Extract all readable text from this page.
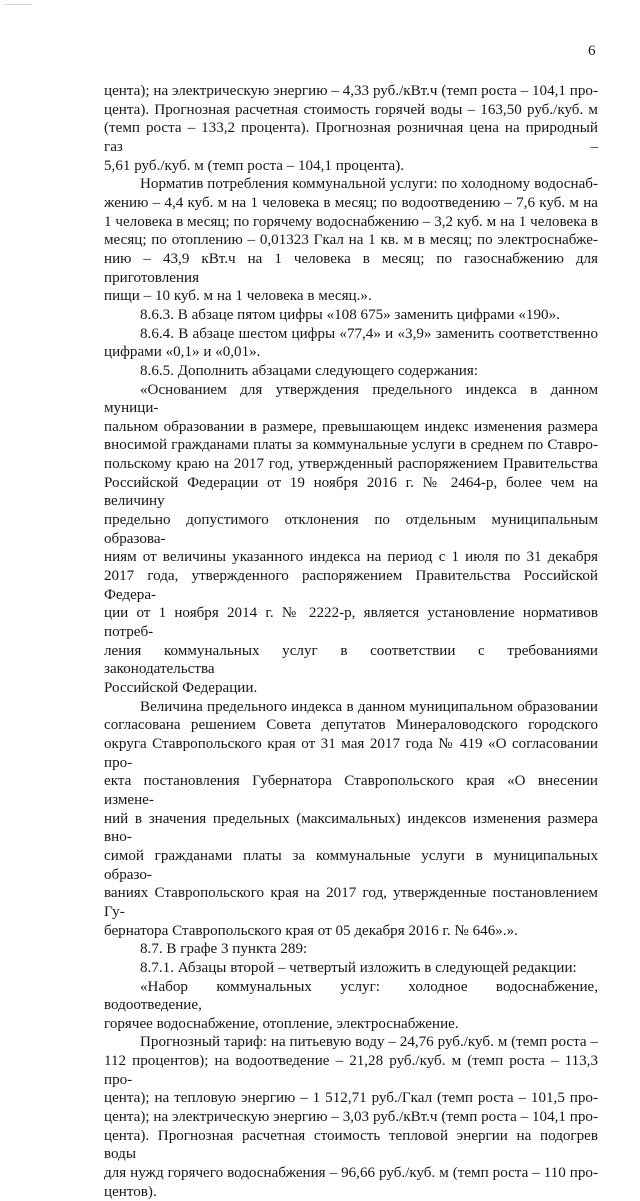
6
цента); на электрическую энергию – 4,33 руб./кВт.ч (темп роста – 104,1 про-
цента). Прогнозная расчетная стоимость горячей воды – 163,50 руб./куб. м
(темп роста – 133,2 процента). Прогнозная розничная цена на природный газ –
5,61 руб./куб. м (темп роста – 104,1 процента).
Норматив потребления коммунальной услуги: по холодному водоснаб-
жению – 4,4 куб. м на 1 человека в месяц; по водоотведению – 7,6 куб. м на
1 человека в месяц; по горячему водоснабжению – 3,2 куб. м на 1 человека в
месяц; по отоплению – 0,01323 Гкал на 1 кв. м в месяц; по электроснабже-
нию – 43,9 кВт.ч на 1 человека в месяц; по газоснабжению для приготовления
пищи – 10 куб. м на 1 человека в месяц.».
8.6.3. В абзаце пятом цифры «108 675» заменить цифрами «190».
8.6.4. В абзаце шестом цифры «77,4» и «3,9» заменить соответственно
цифрами «0,1» и «0,01».
8.6.5. Дополнить абзацами следующего содержания:
«Основанием для утверждения предельного индекса в данном муници-
пальном образовании в размере, превышающем индекс изменения размера
вносимой гражданами платы за коммунальные услуги в среднем по Ставро-
польскому краю на 2017 год, утвержденный распоряжением Правительства
Российской Федерации от 19 ноября 2016 г. № 2464-р, более чем на величину
предельно допустимого отклонения по отдельным муниципальным образова-
ниям от величины указанного индекса на период с 1 июля по 31 декабря
2017 года, утвержденного распоряжением Правительства Российской Федера-
ции от 1 ноября 2014 г. № 2222-р, является установление нормативов потреб-
ления коммунальных услуг в соответствии с требованиями законодательства
Российской Федерации.
Величина предельного индекса в данном муниципальном образовании
согласована решением Совета депутатов Минераловодского городского
округа Ставропольского края от 31 мая 2017 года № 419 «О согласовании про-
екта постановления Губернатора Ставропольского края «О внесении измене-
ний в значения предельных (максимальных) индексов изменения размера вно-
симой гражданами платы за коммунальные услуги в муниципальных образо-
ваниях Ставропольского края на 2017 год, утвержденные постановлением Гу-
бернатора Ставропольского края от 05 декабря 2016 г. № 646».».
8.7. В графе 3 пункта 289:
8.7.1. Абзацы второй – четвертый изложить в следующей редакции:
«Набор коммунальных услуг: холодное водоснабжение, водоотведение,
горячее водоснабжение, отопление, электроснабжение.
Прогнозный тариф: на питьевую воду – 24,76 руб./куб. м (темп роста –
112 процентов); на водоотведение – 21,28 руб./куб. м (темп роста – 113,3 про-
цента); на тепловую энергию – 1 512,71 руб./Гкал (темп роста – 101,5 про-
цента); на электрическую энергию – 3,03 руб./кВт.ч (темп роста – 104,1 про-
цента). Прогнозная расчетная стоимость тепловой энергии на подогрев воды
для нужд горячего водоснабжения – 96,66 руб./куб. м (темп роста – 110 про-
центов).
